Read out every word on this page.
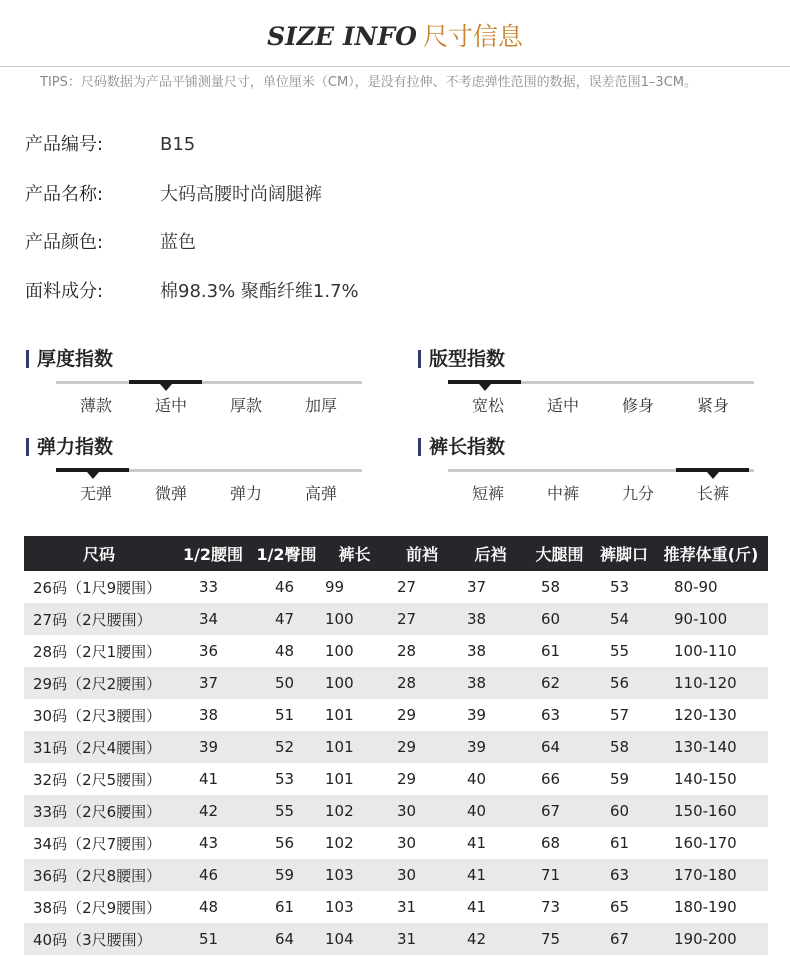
SIZE INFO 尺寸信息
TIPS：尺码数据为产品平铺测量尺寸，单位厘米（CM），是没有拉伸、不考虑弹性范围的数据，误差范围1–3CM。
产品编号:	B15
产品名称:	大码高腰时尚阔腿裤
产品颜色:	蓝色
面料成分:	棉98.3% 聚酯纤维1.7%
厚度指数
薄款	适中	厚款	加厚
版型指数
宽松	适中	修身	紧身
弹力指数
无弹	微弹	弹力	高弹
裤长指数
短裤	中裤	九分	长裤
尺码	1/2腰围	1/2臀围	裤长	前裆	后裆	大腿围	裤脚口	推荐体重(斤)
26码（1尺9腰围）	33	46	99	27	37	58	53	80-90
27码（2尺腰围）	34	47	100	27	38	60	54	90-100
28码（2尺1腰围）	36	48	100	28	38	61	55	100-110
29码（2尺2腰围）	37	50	100	28	38	62	56	110-120
30码（2尺3腰围）	38	51	101	29	39	63	57	120-130
31码（2尺4腰围）	39	52	101	29	39	64	58	130-140
32码（2尺5腰围）	41	53	101	29	40	66	59	140-150
33码（2尺6腰围）	42	55	102	30	40	67	60	150-160
34码（2尺7腰围）	43	56	102	30	41	68	61	160-170
36码（2尺8腰围）	46	59	103	30	41	71	63	170-180
38码（2尺9腰围）	48	61	103	31	41	73	65	180-190
40码（3尺腰围）	51	64	104	31	42	75	67	190-200
